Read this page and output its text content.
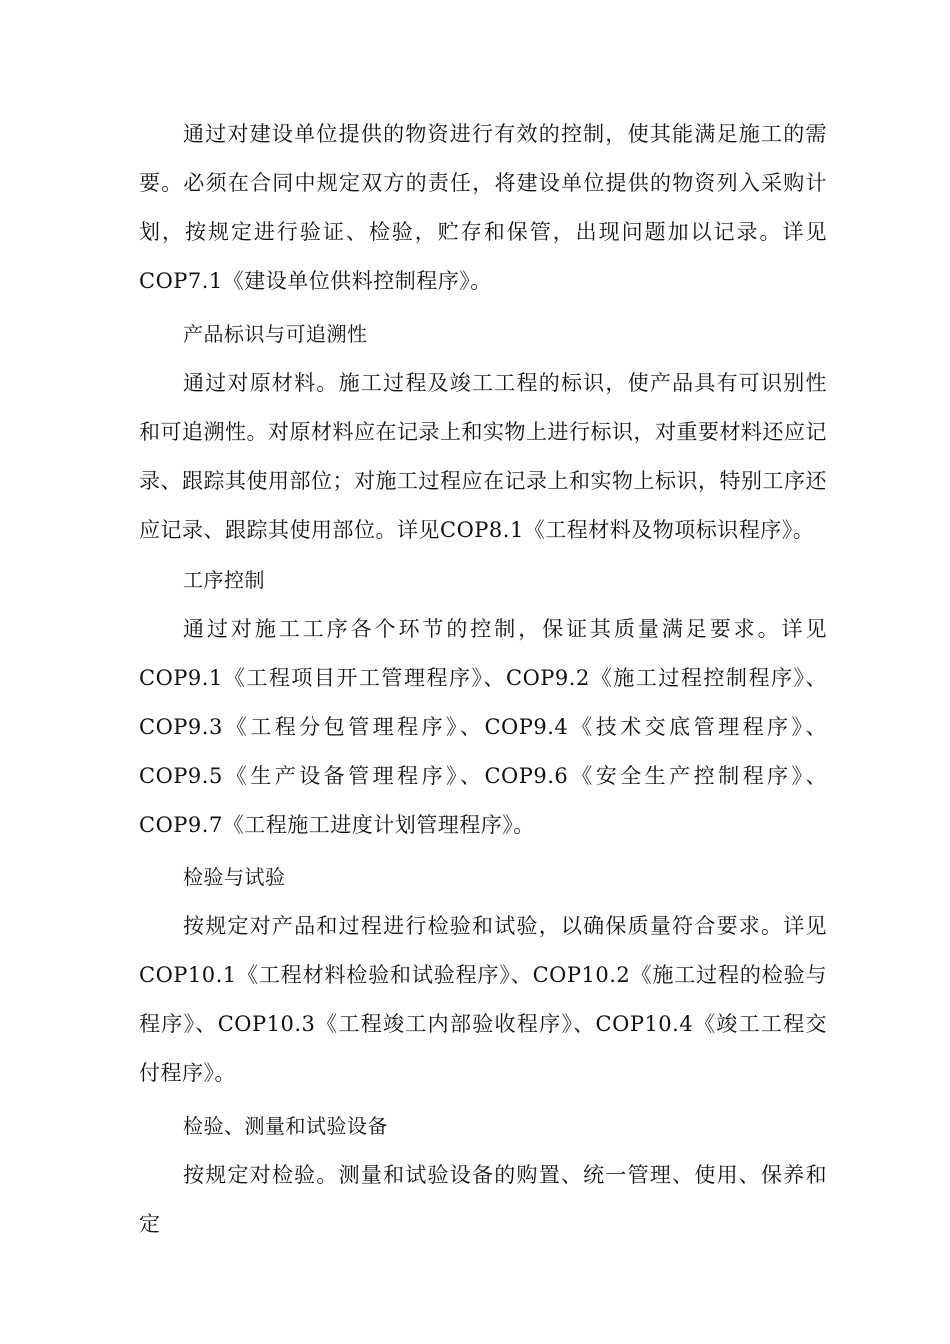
通过对建设单位提供的物资进行有效的控制，使其能满足施工的需要。必须在合同中规定双方的责任，将建设单位提供的物资列入采购计划，按规定进行验证、检验，贮存和保管，出现问题加以记录。详见COP7.1《建设单位供料控制程序》。

产品标识与可追溯性

通过对原材料。施工过程及竣工工程的标识，使产品具有可识别性和可追溯性。对原材料应在记录上和实物上进行标识，对重要材料还应记录、跟踪其使用部位；对施工过程应在记录上和实物上标识，特别工序还应记录、跟踪其使用部位。详见COP8.1《工程材料及物项标识程序》。

工序控制

通过对施工工序各个环节的控制，保证其质量满足要求。详见COP9.1《工程项目开工管理程序》、COP9.2《施工过程控制程序》、COP9.3《工程分包管理程序》、COP9.4《技术交底管理程序》、COP9.5《生产设备管理程序》、COP9.6《安全生产控制程序》、COP9.7《工程施工进度计划管理程序》。

检验与试验

按规定对产品和过程进行检验和试验，以确保质量符合要求。详见COP10.1《工程材料检验和试验程序》、COP10.2《施工过程的检验与程序》、COP10.3《工程竣工内部验收程序》、COP10.4《竣工工程交付程序》。

检验、测量和试验设备

按规定对检验。测量和试验设备的购置、统一管理、使用、保养和定
